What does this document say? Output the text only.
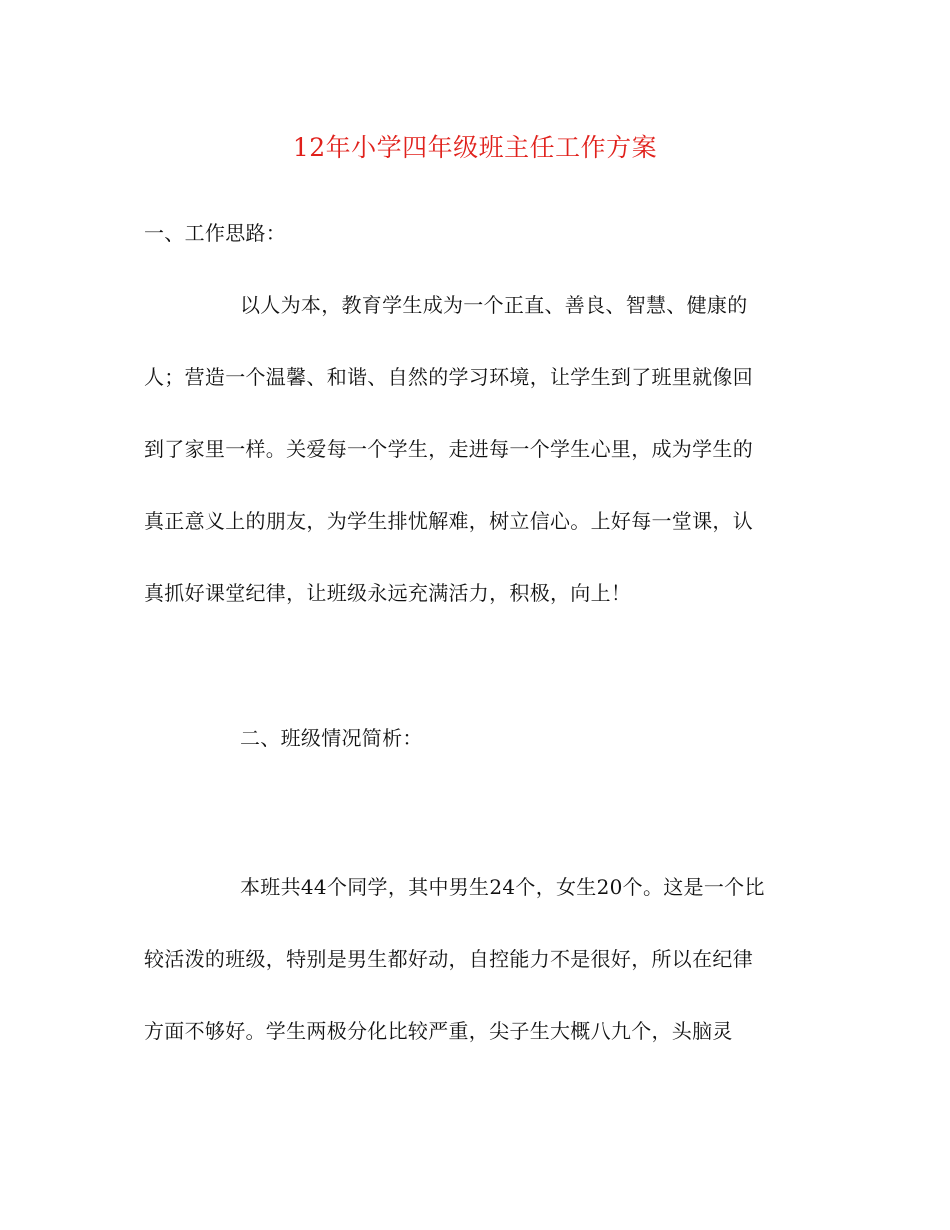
12年小学四年级班主任工作方案
一、工作思路：
以人为本，教育学生成为一个正直、善良、智慧、健康的
人；营造一个温馨、和谐、自然的学习环境，让学生到了班里就像回
到了家里一样。关爱每一个学生，走进每一个学生心里，成为学生的
真正意义上的朋友，为学生排忧解难，树立信心。上好每一堂课，认
真抓好课堂纪律，让班级永远充满活力，积极，向上！
二、班级情况简析：
本班共44个同学，其中男生24个，女生20个。这是一个比
较活泼的班级，特别是男生都好动，自控能力不是很好，所以在纪律
方面不够好。学生两极分化比较严重，尖子生大概八九个，头脑灵
